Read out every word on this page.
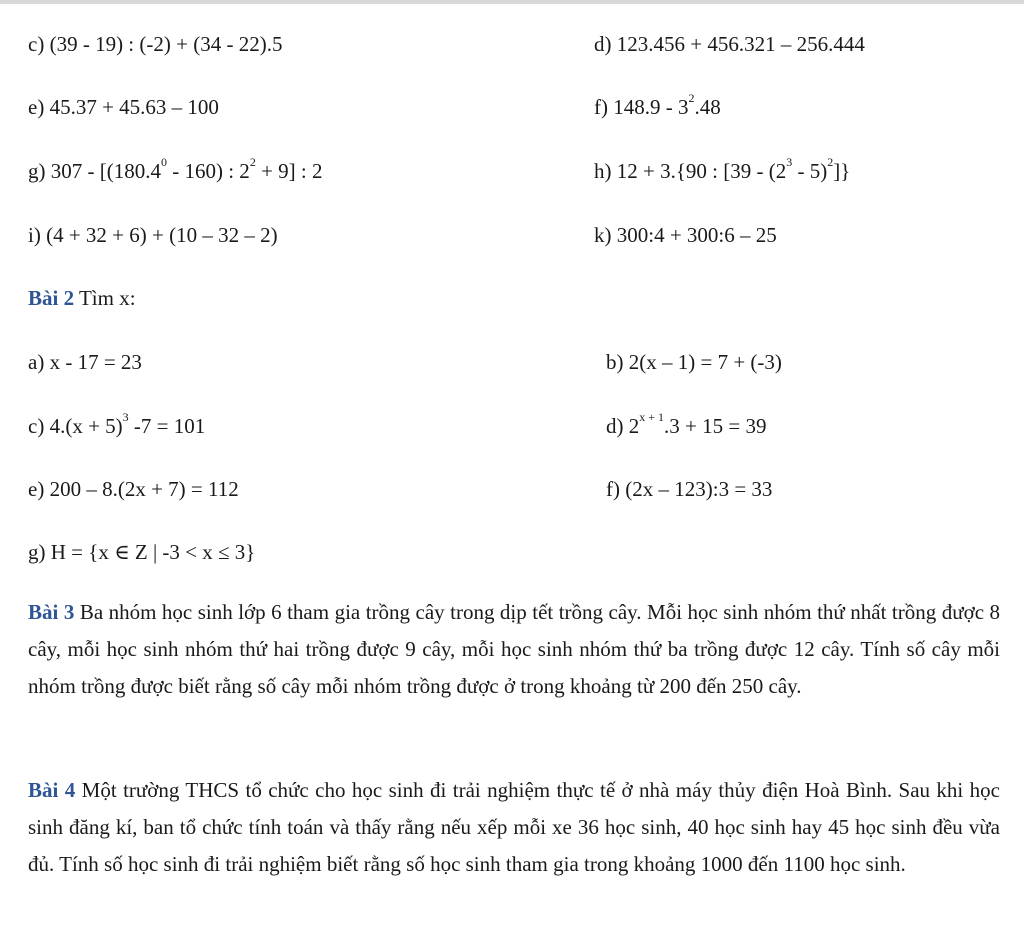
c) (39 - 19) : (-2) + (34 - 22).5	d) 123.456 + 456.321 – 256.444
e) 45.37 + 45.63 – 100	f) $148.9 - 3^2.48$
g) 307 - [(180.4$^0$ - 160) : $2^2 + 9$] : 2	h) 12 + 3.{90 : $[39 - (2^3 - 5)^2]$}
i) (4 + 32 + 6) + (10 – 32 – 2)	k) 300:4 + 300:6 – 25
Bài 2 Tìm x:
a) x - 17 = 23	b) 2(x – 1) = 7 + (-3)
c) $4.(x + 5)^3$ -7 = 101	d) $2^{x + 1}.3 + 15 = 39$
e) 200 – 8.(2x + 7) = 112	f) (2x – 123):3 = 33
g) H = {x ∈ Z | -3 < x ≤ 3}
Bài 3 Ba nhóm học sinh lớp 6 tham gia trồng cây trong dịp tết trồng cây. Mỗi học sinh nhóm thứ nhất trồng được 8 cây, mỗi học sinh nhóm thứ hai trồng được 9 cây, mỗi học sinh nhóm thứ ba trồng được 12 cây. Tính số cây mỗi nhóm trồng được biết rằng số cây mỗi nhóm trồng được ở trong khoảng từ 200 đến 250 cây.
Bài 4 Một trường THCS tổ chức cho học sinh đi trải nghiệm thực tế ở nhà máy thủy điện Hoà Bình. Sau khi học sinh đăng kí, ban tổ chức tính toán và thấy rằng nếu xếp mỗi xe 36 học sinh, 40 học sinh hay 45 học sinh đều vừa đủ. Tính số học sinh đi trải nghiệm biết rằng số học sinh tham gia trong khoảng 1000 đến 1100 học sinh.
